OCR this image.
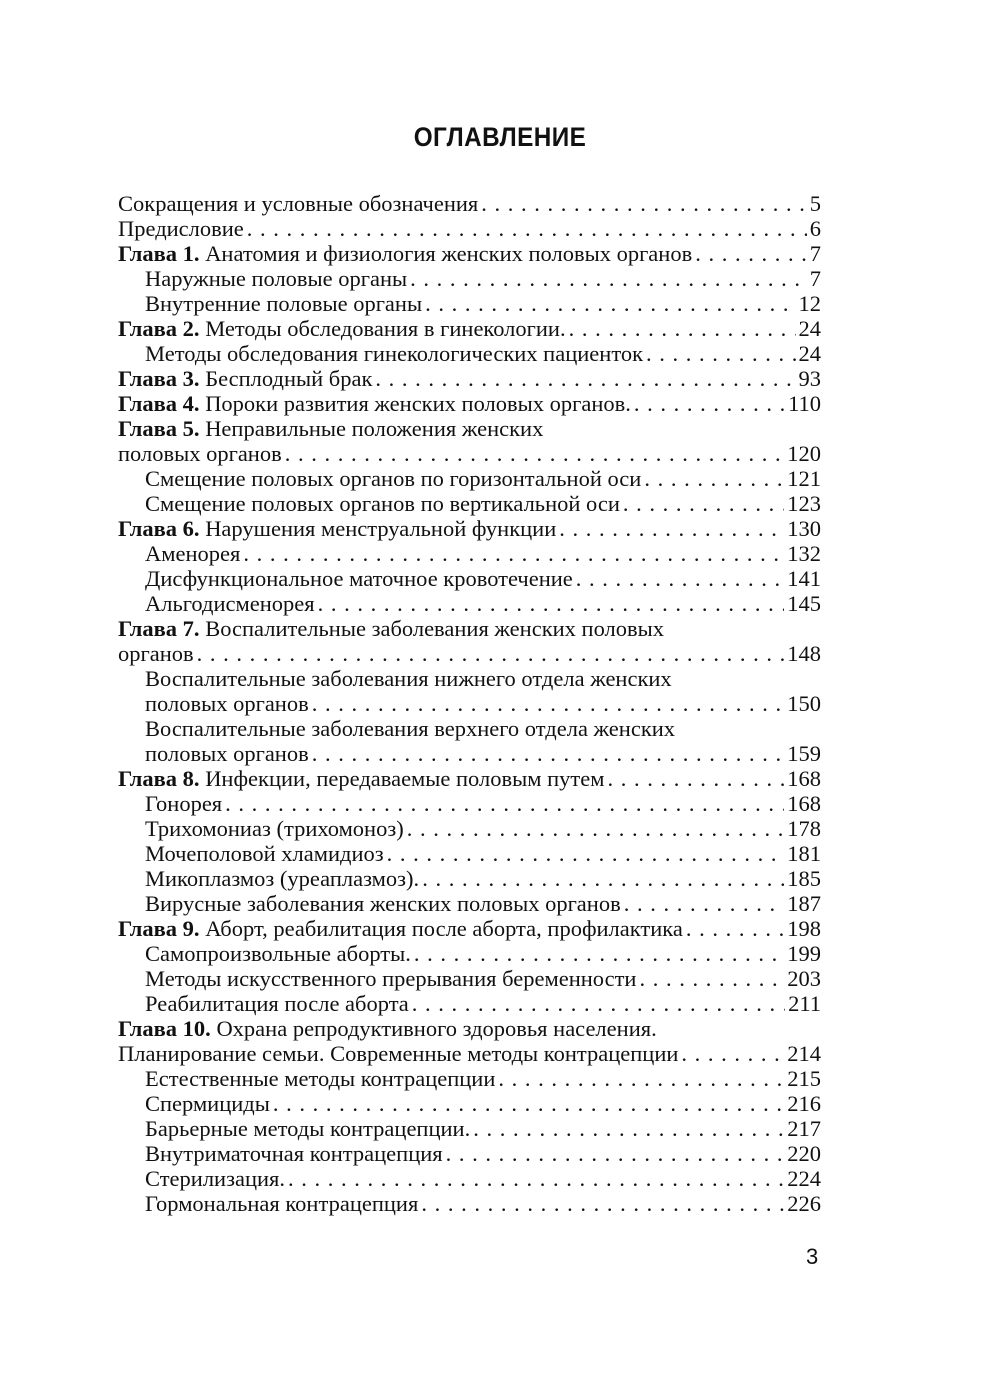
ОГЛАВЛЕНИЕ
Сокращения и условные обозначения . . .	5
Предисловие . . .	6
Глава 1. Анатомия и физиология женских половых органов . . .	7
Наружные половые органы . . .	7
Внутренние половые органы . . .	12
Глава 2. Методы обследования в гинекологии. . . .	24
Методы обследования гинекологических пациенток . . .	24
Глава 3. Бесплодный брак . . .	93
Глава 4. Пороки развития женских половых органов. . . .	110
Глава 5. Неправильные положения женских
половых органов . . .	120
Смещение половых органов по горизонтальной оси . . .	121
Смещение половых органов по вертикальной оси . . .	123
Глава 6. Нарушения менструальной функции . . .	130
Аменорея . . .	132
Дисфункциональное маточное кровотечение . . .	141
Альгодисменорея . . .	145
Глава 7. Воспалительные заболевания женских половых
органов . . .	148
Воспалительные заболевания нижнего отдела женских
половых органов . . .	150
Воспалительные заболевания верхнего отдела женских
половых органов . . .	159
Глава 8. Инфекции, передаваемые половым путем . . .	168
Гонорея . . .	168
Трихомониаз (трихомоноз) . . .	178
Мочеполовой хламидиоз . . .	181
Микоплазмоз (уреаплазмоз). . . .	185
Вирусные заболевания женских половых органов . . .	187
Глава 9. Аборт, реабилитация после аборта, профилактика . . .	198
Самопроизвольные аборты. . . .	199
Методы искусственного прерывания беременности . . .	203
Реабилитация после аборта . . .	211
Глава 10. Охрана репродуктивного здоровья населения.
Планирование семьи. Современные методы контрацепции . . .	214
Естественные методы контрацепции . . .	215
Спермициды . . .	216
Барьерные методы контрацепции. . . .	217
Внутриматочная контрацепция . . .	220
Стерилизация. . . .	224
Гормональная контрацепция . . .	226
3
